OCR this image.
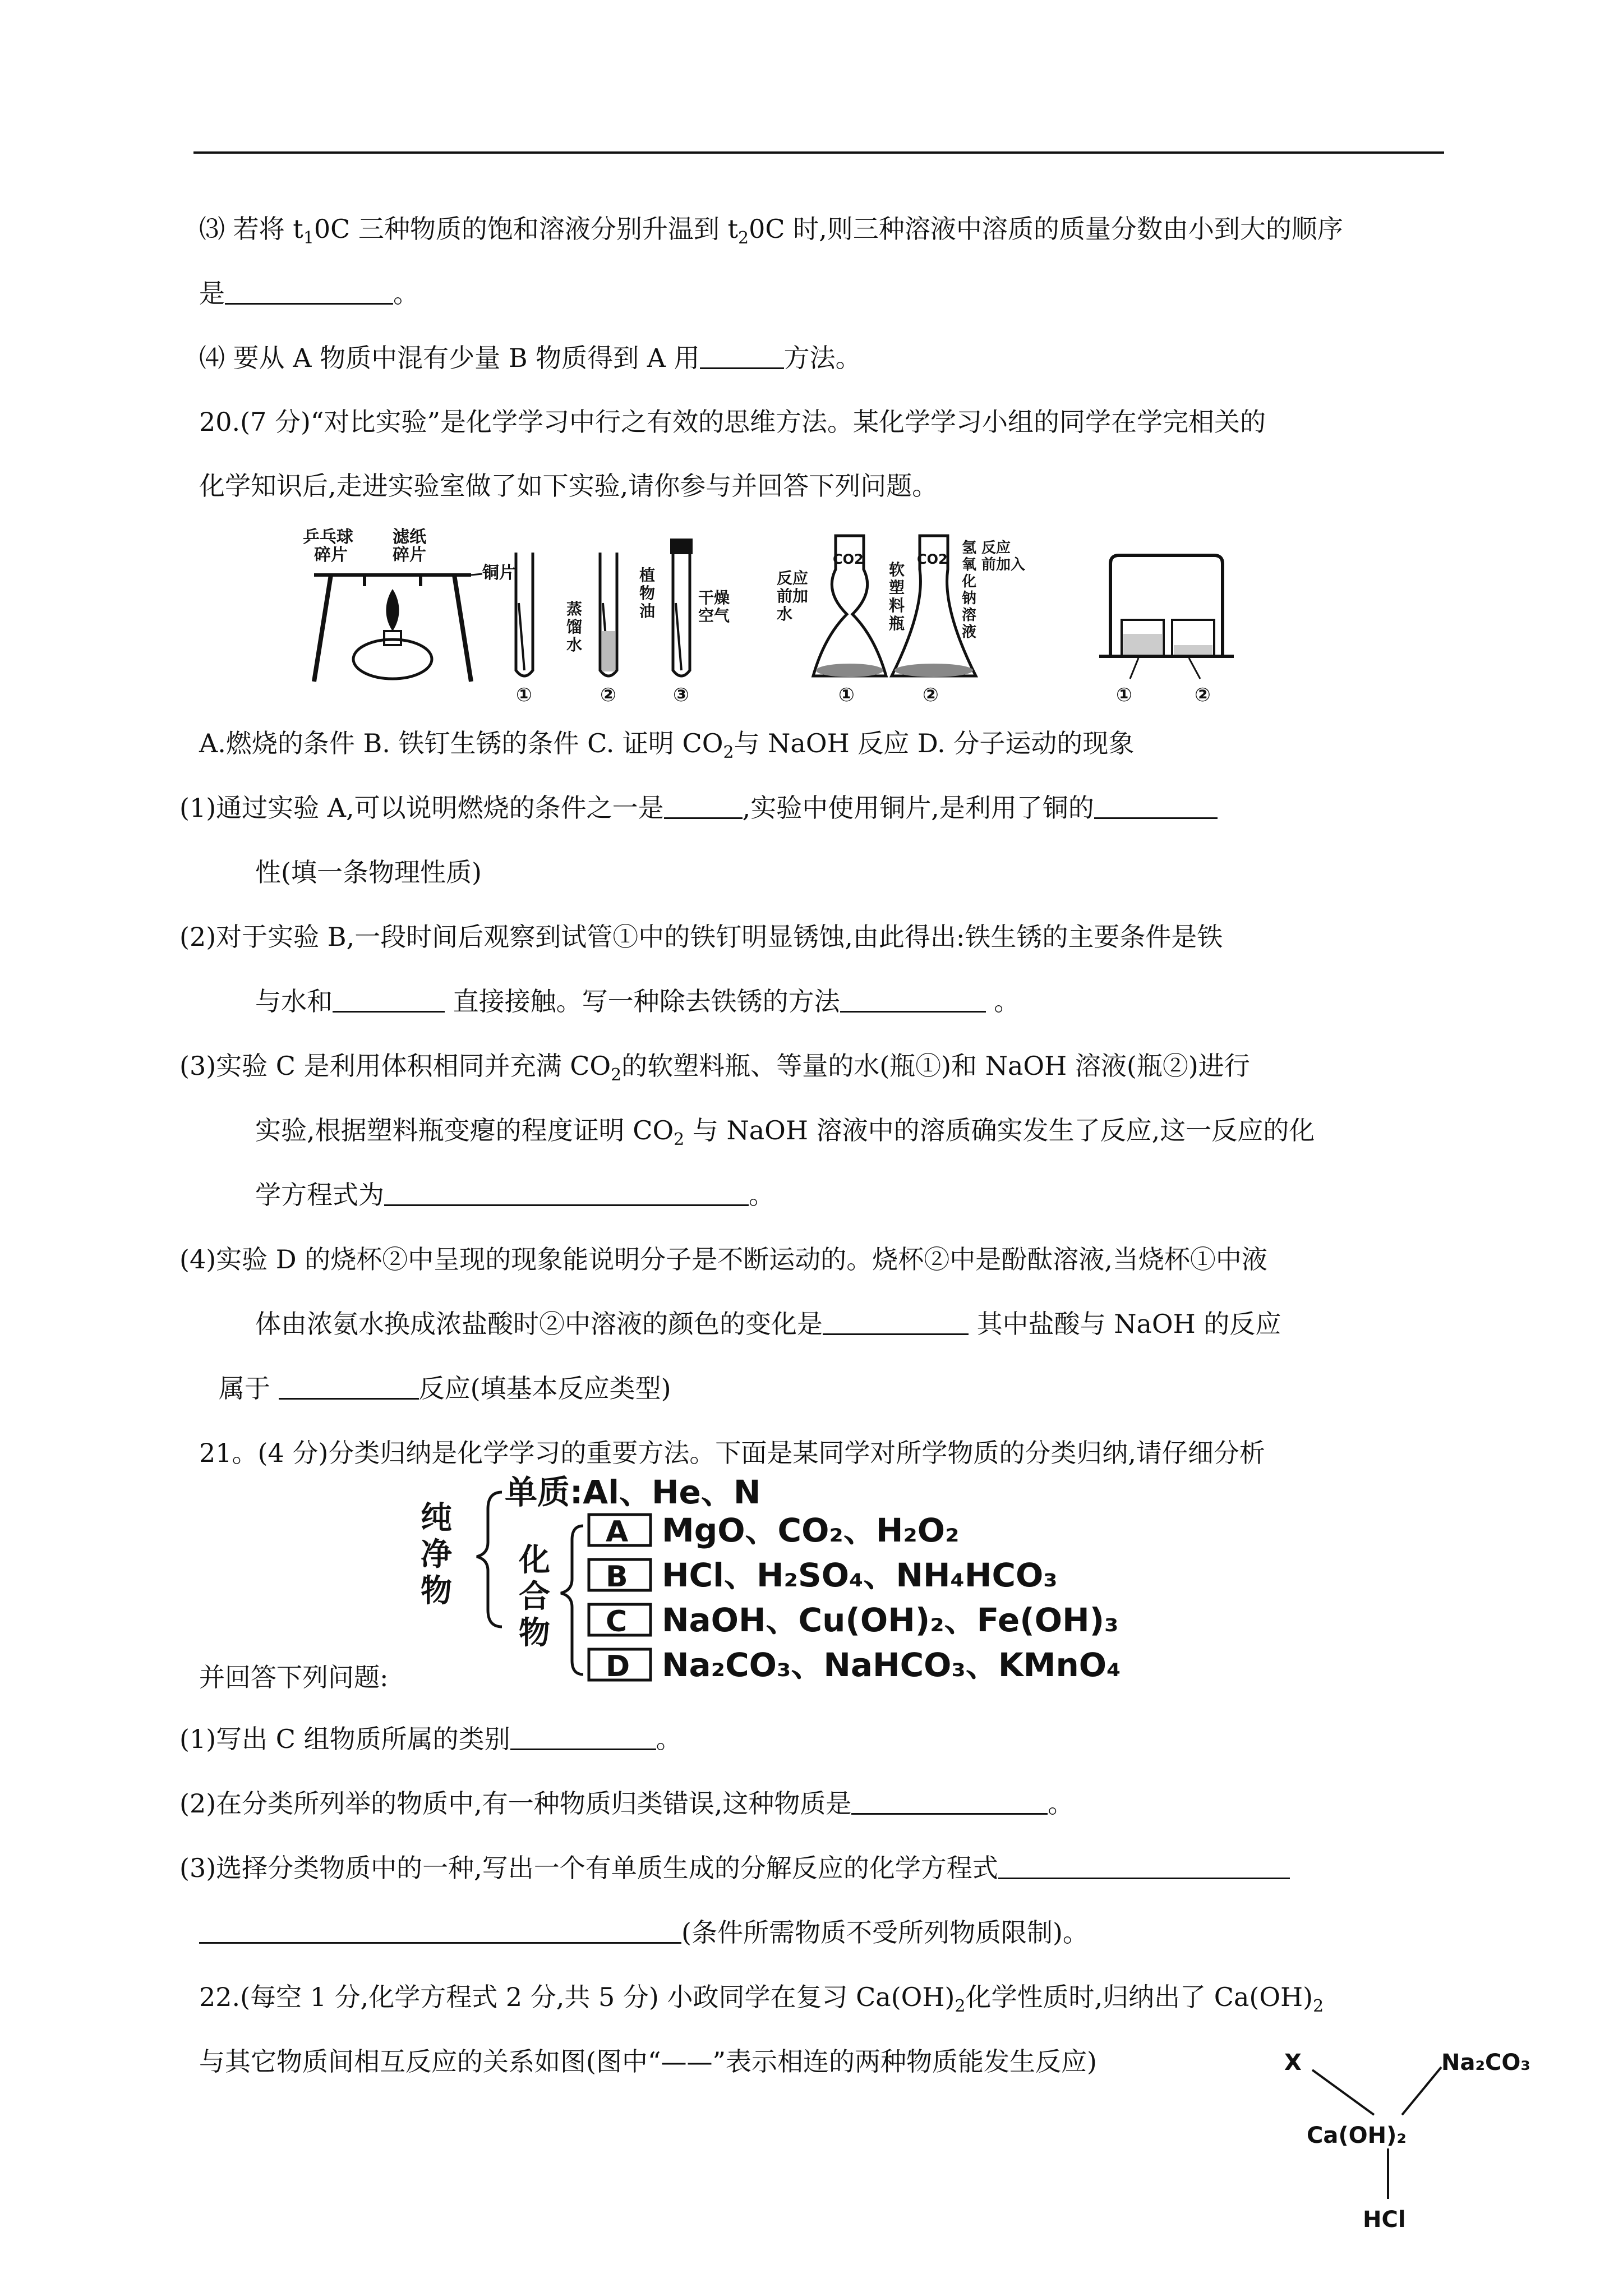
⑶ 若将 $t_10C$ 三种物质的饱和溶液分别升温到 $t_20C$ 时,则三种溶液中溶质的质量分数由小到大的顺序
是	。
⑷ 要从 A 物质中混有少量 B 物质得到 A 用	方法。
20.(7 分)“对比实验”是化学学习中行之有效的思维方法。某化学学习小组的同学在学完相关的
化学知识后,走进实验室做了如下实验,请你参与并回答下列问题。
乒乓球
碎片
滤纸
碎片
铜片
蒸
馏
水
植
物
油
干燥
空气
①	②	③
反应
前加
水
CO2
软
塑
料
瓶
CO2
氢
氧
化
钠
溶
液
反应
前加入
①	②	①	②
A.燃烧的条件 B. 铁钉生锈的条件 C. 证明 $CO_2$与 NaOH 反应 D. 分子运动的现象
(1)通过实验 A,可以说明燃烧的条件之一是	,实验中使用铜片,是利用了铜的
性(填一条物理性质)
(2)对于实验 B,一段时间后观察到试管①中的铁钉明显锈蚀,由此得出:铁生锈的主要条件是铁
与水和	直接接触。写一种除去铁锈的方法	。
(3)实验 C 是利用体积相同并充满 $CO_2$的软塑料瓶、等量的水(瓶①)和 NaOH 溶液(瓶②)进行
实验,根据塑料瓶变瘪的程度证明 $CO_2$ 与 NaOH 溶液中的溶质确实发生了反应,这一反应的化
学方程式为	。
(4)实验 D 的烧杯②中呈现的现象能说明分子是不断运动的。烧杯②中是酚酞溶液,当烧杯①中液
体由浓氨水换成浓盐酸时②中溶液的颜色的变化是	其中盐酸与 NaOH 的反应
属于	反应(填基本反应类型)
21。(4 分)分类归纳是化学学习的重要方法。下面是某同学对所学物质的分类归纳,请仔细分析
纯
净
物
单质:Al、He、N
化
合
物
A MgO、CO₂、H₂O₂
B HCl、H₂SO₄、NH₄HCO₃
C NaOH、Cu(OH)₂、Fe(OH)₃
D Na₂CO₃、NaHCO₃、KMnO₄
并回答下列问题:
(1)写出 C 组物质所属的类别	。
(2)在分类所列举的物质中,有一种物质归类错误,这种物质是	。
(3)选择分类物质中的一种,写出一个有单质生成的分解反应的化学方程式
(条件所需物质不受所列物质限制)。
22.(每空 1 分,化学方程式 2 分,共 5 分) 小政同学在复习 $Ca(OH)_2$化学性质时,归纳出了 $Ca(OH)_2$
与其它物质间相互反应的关系如图(图中“——”表示相连的两种物质能发生反应)	X	Na₂CO₃
Ca(OH)₂
HCl
